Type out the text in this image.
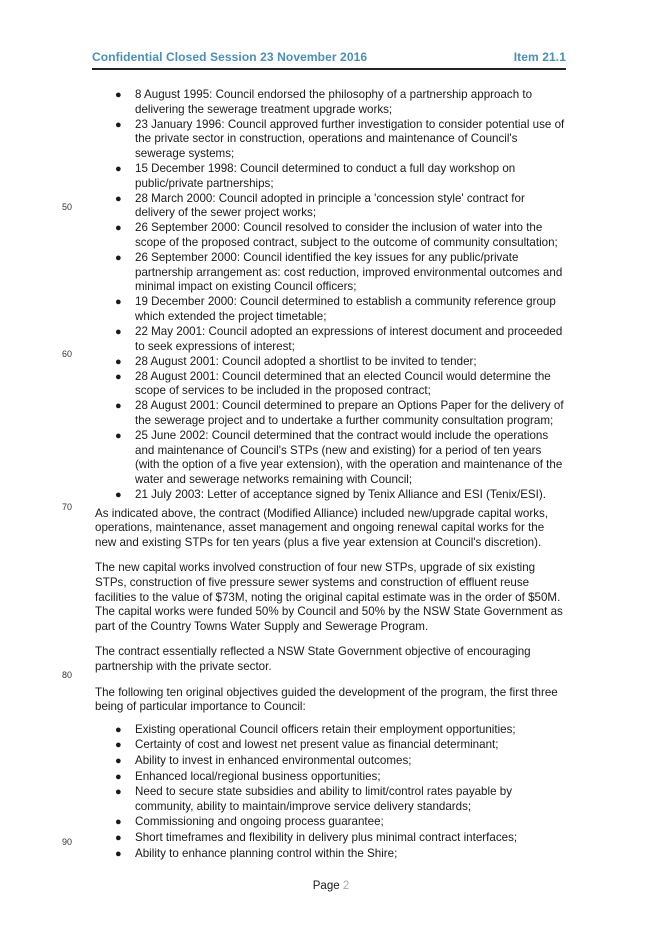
Confidential Closed Session 23 November 2016	Item 21.1
50
60
70
80
90
● 8 August 1995: Council endorsed the philosophy of a partnership approach to delivering the sewerage treatment upgrade works;
● 23 January 1996: Council approved further investigation to consider potential use of the private sector in construction, operations and maintenance of Council's sewerage systems;
● 15 December 1998: Council determined to conduct a full day workshop on public/private partnerships;
● 28 March 2000: Council adopted in principle a 'concession style' contract for delivery of the sewer project works;
● 26 September 2000: Council resolved to consider the inclusion of water into the scope of the proposed contract, subject to the outcome of community consultation;
● 26 September 2000: Council identified the key issues for any public/private partnership arrangement as: cost reduction, improved environmental outcomes and minimal impact on existing Council officers;
● 19 December 2000: Council determined to establish a community reference group which extended the project timetable;
● 22 May 2001: Council adopted an expressions of interest document and proceeded to seek expressions of interest;
● 28 August 2001: Council adopted a shortlist to be invited to tender;
● 28 August 2001: Council determined that an elected Council would determine the scope of services to be included in the proposed contract;
● 28 August 2001: Council determined to prepare an Options Paper for the delivery of the sewerage project and to undertake a further community consultation program;
● 25 June 2002: Council determined that the contract would include the operations and maintenance of Council's STPs (new and existing) for a period of ten years (with the option of a five year extension), with the operation and maintenance of the water and sewerage networks remaining with Council;
● 21 July 2003: Letter of acceptance signed by Tenix Alliance and ESI (Tenix/ESI).

As indicated above, the contract (Modified Alliance) included new/upgrade capital works, operations, maintenance, asset management and ongoing renewal capital works for the new and existing STPs for ten years (plus a five year extension at Council's discretion).

The new capital works involved construction of four new STPs, upgrade of six existing STPs, construction of five pressure sewer systems and construction of effluent reuse facilities to the value of $73M, noting the original capital estimate was in the order of $50M. The capital works were funded 50% by Council and 50% by the NSW State Government as part of the Country Towns Water Supply and Sewerage Program.

The contract essentially reflected a NSW State Government objective of encouraging partnership with the private sector.

The following ten original objectives guided the development of the program, the first three being of particular importance to Council:

● Existing operational Council officers retain their employment opportunities;
● Certainty of cost and lowest net present value as financial determinant;
● Ability to invest in enhanced environmental outcomes;
● Enhanced local/regional business opportunities;
● Need to secure state subsidies and ability to limit/control rates payable by community, ability to maintain/improve service delivery standards;
● Commissioning and ongoing process guarantee;
● Short timeframes and flexibility in delivery plus minimal contract interfaces;
● Ability to enhance planning control within the Shire;
Page 2
